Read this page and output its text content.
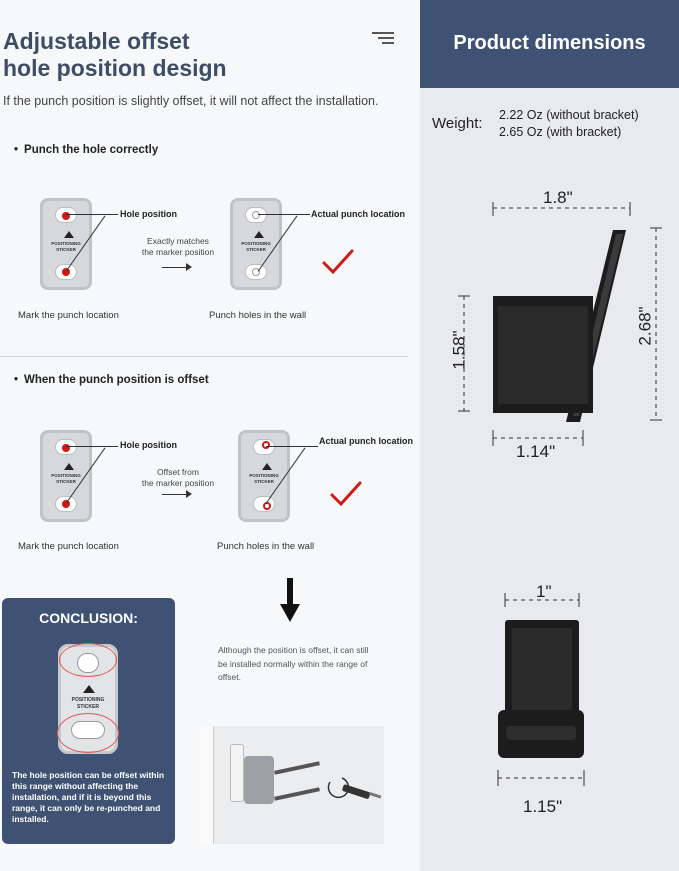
Adjustable offset
hole position design
If the punch position is slightly offset, it will not affect the installation.
• Punch the hole correctly
POSITIONING
STICKER
Hole position
Exactly matches
the marker position
POSITIONING
STICKER
Actual punch location
Mark the punch location	Punch holes in the wall
• When the punch position is offset
POSITIONING
STICKER
Hole position
Offset from
the marker position
POSITIONING
STICKER
Actual punch location
Mark the punch location	Punch holes in the wall
CONCLUSION:
POSITIONING
STICKER

The hole position can be offset within this range without affecting the installation, and if it is beyond this range, it can only be re-punched and installed.

Although the position is offset, it can still be installed normally within the range of offset.
Product dimensions
Weight: 2.22 Oz (without bracket)
2.65 Oz (with bracket)
1.8"
1.58"
2.68"
1.14"
1"
1.15"
